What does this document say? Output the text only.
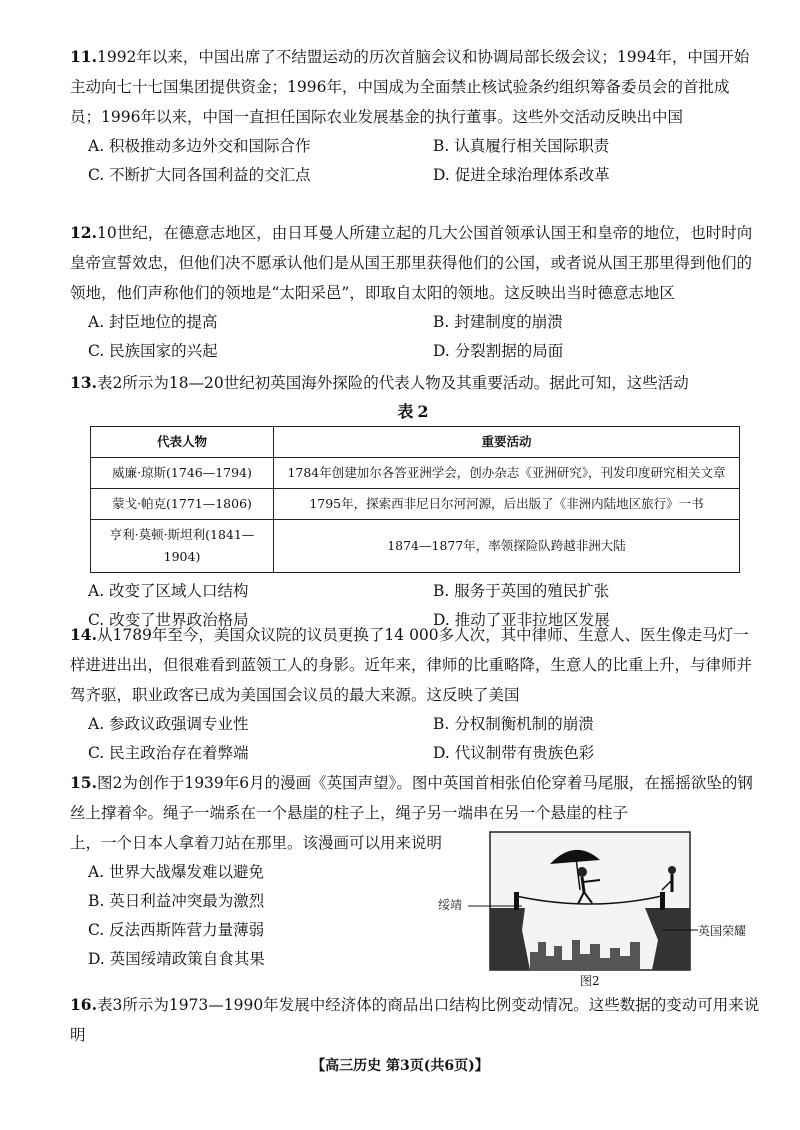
11.1992年以来，中国出席了不结盟运动的历次首脑会议和协调局部长级会议；1994年，中国开始主动向七十七国集团提供资金；1996年，中国成为全面禁止核试验条约组织筹备委员会的首批成员；1996年以来，中国一直担任国际农业发展基金的执行董事。这些外交活动反映出中国
A. 积极推动多边外交和国际合作	B. 认真履行相关国际职责
C. 不断扩大同各国利益的交汇点	D. 促进全球治理体系改革
12.10世纪，在德意志地区，由日耳曼人所建立起的几大公国首领承认国王和皇帝的地位，也时时向皇帝宣誓效忠，但他们决不愿承认他们是从国王那里获得他们的公国，或者说从国王那里得到他们的领地，他们声称他们的领地是“太阳采邑”，即取自太阳的领地。这反映出当时德意志地区
A. 封臣地位的提高	B. 封建制度的崩溃
C. 民族国家的兴起	D. 分裂割据的局面
13.表2所示为18—20世纪初英国海外探险的代表人物及其重要活动。据此可知，这些活动
表2
代表人物	重要活动
威廉·琼斯(1746—1794)	1784年创建加尔各答亚洲学会，创办杂志《亚洲研究》，刊发印度研究相关文章
蒙戈·帕克(1771—1806)	1795年，探索西非尼日尔河河源，后出版了《非洲内陆地区旅行》一书
亨利·莫顿·斯坦利(1841—1904)	1874—1877年，率领探险队跨越非洲大陆
A. 改变了区域人口结构	B. 服务于英国的殖民扩张
C. 改变了世界政治格局	D. 推动了亚非拉地区发展
14.从1789年至今，美国众议院的议员更换了14 000多人次，其中律师、生意人、医生像走马灯一样进进出出，但很难看到蓝领工人的身影。近年来，律师的比重略降，生意人的比重上升，与律师并驾齐驱，职业政客已成为美国国会议员的最大来源。这反映了美国
A. 参政议政强调专业性	B. 分权制衡机制的崩溃
C. 民主政治存在着弊端	D. 代议制带有贵族色彩
15.图2为创作于1939年6月的漫画《英国声望》。图中英国首相张伯伦穿着马尾服，在摇摇欲坠的钢丝上撑着伞。绳子一端系在一个悬崖的柱子上，绳子另一端串在另一个悬崖的柱子
上，一个日本人拿着刀站在那里。该漫画可以用来说明
A. 世界大战爆发难以避免
B. 英日利益冲突最为激烈
C. 反法西斯阵营力量薄弱
D. 英国绥靖政策自食其果
绥靖
英国荣耀
图2
16.表3所示为1973—1990年发展中经济体的商品出口结构比例变动情况。这些数据的变动可用来说明
【高三历史 第3页(共6页)】
